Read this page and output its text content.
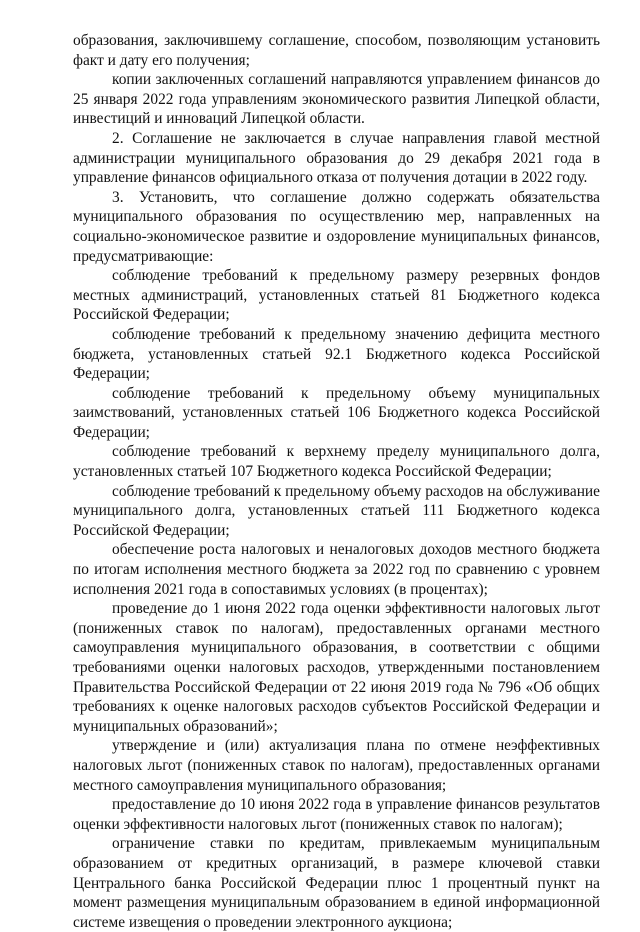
образования, заключившему соглашение, способом, позволяющим установить факт и дату его получения;

копии заключенных соглашений направляются управлением финансов до 25 января 2022 года управлениям экономического развития Липецкой области, инвестиций и инноваций Липецкой области.

2. Соглашение не заключается в случае направления главой местной администрации муниципального образования до 29 декабря 2021 года в управление финансов официального отказа от получения дотации в 2022 году.

3. Установить, что соглашение должно содержать обязательства муниципального образования по осуществлению мер, направленных на социально-экономическое развитие и оздоровление муниципальных финансов, предусматривающие:

соблюдение требований к предельному размеру резервных фондов местных администраций, установленных статьей 81 Бюджетного кодекса Российской Федерации;

соблюдение требований к предельному значению дефицита местного бюджета, установленных статьей 92.1 Бюджетного кодекса Российской Федерации;

соблюдение требований к предельному объему муниципальных заимствований, установленных статьей 106 Бюджетного кодекса Российской Федерации;

соблюдение требований к верхнему пределу муниципального долга, установленных статьей 107 Бюджетного кодекса Российской Федерации;

соблюдение требований к предельному объему расходов на обслуживание муниципального долга, установленных статьей 111 Бюджетного кодекса Российской Федерации;

обеспечение роста налоговых и неналоговых доходов местного бюджета по итогам исполнения местного бюджета за 2022 год по сравнению с уровнем исполнения 2021 года в сопоставимых условиях (в процентах);

проведение до 1 июня 2022 года оценки эффективности налоговых льгот (пониженных ставок по налогам), предоставленных органами местного самоуправления муниципального образования, в соответствии с общими требованиями оценки налоговых расходов, утвержденными постановлением Правительства Российской Федерации от 22 июня 2019 года № 796 «Об общих требованиях к оценке налоговых расходов субъектов Российской Федерации и муниципальных образований»;

утверждение и (или) актуализация плана по отмене неэффективных налоговых льгот (пониженных ставок по налогам), предоставленных органами местного самоуправления муниципального образования;

предоставление до 10 июня 2022 года в управление финансов результатов оценки эффективности налоговых льгот (пониженных ставок по налогам);

ограничение ставки по кредитам, привлекаемым муниципальным образованием от кредитных организаций, в размере ключевой ставки Центрального банка Российской Федерации плюс 1 процентный пункт на момент размещения муниципальным образованием в единой информационной системе извещения о проведении электронного аукциона;
